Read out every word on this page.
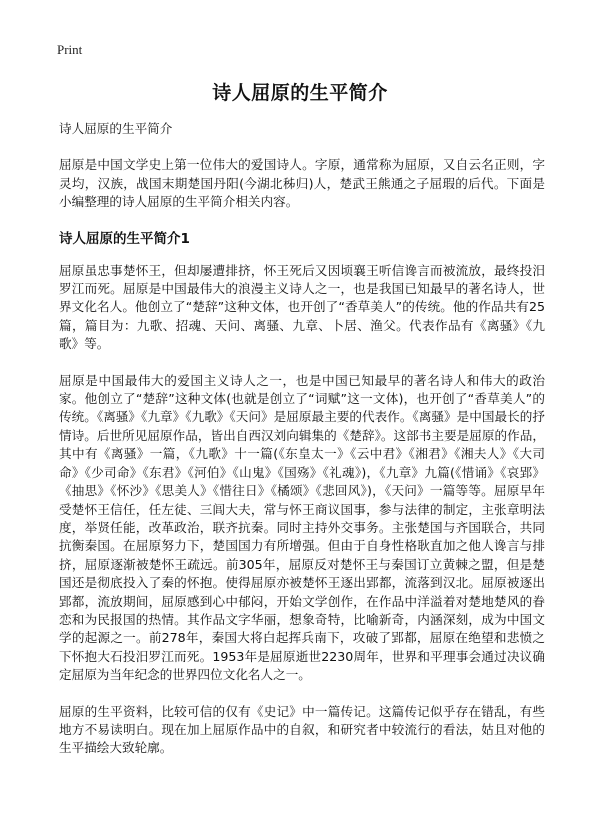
Print
诗人屈原的生平简介

诗人屈原的生平简介

屈原是中国文学史上第一位伟大的爱国诗人。字原，通常称为屈原，又自云名正则，字灵均，汉族，战国末期楚国丹阳(今湖北秭归)人，楚武王熊通之子屈瑕的后代。下面是小编整理的诗人屈原的生平简介相关内容。

诗人屈原的生平简介1

屈原虽忠事楚怀王，但却屡遭排挤，怀王死后又因顷襄王听信谗言而被流放，最终投汨罗江而死。屈原是中国最伟大的浪漫主义诗人之一，也是我国已知最早的著名诗人，世界文化名人。他创立了“楚辞”这种文体，也开创了“香草美人”的传统。他的作品共有25篇，篇目为：九歌、招魂、天问、离骚、九章、卜居、渔父。代表作品有《离骚》《九歌》等。

屈原是中国最伟大的爱国主义诗人之一，也是中国已知最早的著名诗人和伟大的政治家。他创立了“楚辞”这种文体(也就是创立了“词赋”这一文体)，也开创了“香草美人”的传统。《离骚》《九章》《九歌》《天问》是屈原最主要的代表作。《离骚》是中国最长的抒情诗。后世所见屈原作品，皆出自西汉刘向辑集的《楚辞》。这部书主要是屈原的作品，其中有《离骚》一篇，《九歌》十一篇(《东皇太一》《云中君》《湘君》《湘夫人》《大司命》《少司命》《东君》《河伯》《山鬼》《国殇》《礼魂》)，《九章》九篇(《惜诵》《哀郢》《抽思》《怀沙》《思美人》《惜往日》《橘颂》《悲回风》)，《天问》一篇等等。屈原早年受楚怀王信任，任左徒、三闾大夫，常与怀王商议国事，参与法律的制定，主张章明法度，举贤任能，改革政治，联齐抗秦。同时主持外交事务。主张楚国与齐国联合，共同抗衡秦国。在屈原努力下，楚国国力有所增强。但由于自身性格耿直加之他人谗言与排挤，屈原逐渐被楚怀王疏远。前305年，屈原反对楚怀王与秦国订立黄棘之盟，但是楚国还是彻底投入了秦的怀抱。使得屈原亦被楚怀王逐出郢都，流落到汉北。屈原被逐出郢都，流放期间，屈原感到心中郁闷，开始文学创作，在作品中洋溢着对楚地楚风的眷恋和为民报国的热情。其作品文字华丽，想象奇特，比喻新奇，内涵深刻，成为中国文学的起源之一。前278年，秦国大将白起挥兵南下，攻破了郢都，屈原在绝望和悲愤之下怀抱大石投汨罗江而死。1953年是屈原逝世2230周年，世界和平理事会通过决议确定屈原为当年纪念的世界四位文化名人之一。

屈原的生平资料，比较可信的仅有《史记》中一篇传记。这篇传记似乎存在错乱，有些地方不易读明白。现在加上屈原作品中的自叙，和研究者中较流行的看法，姑且对他的生平描绘大致轮廓。
